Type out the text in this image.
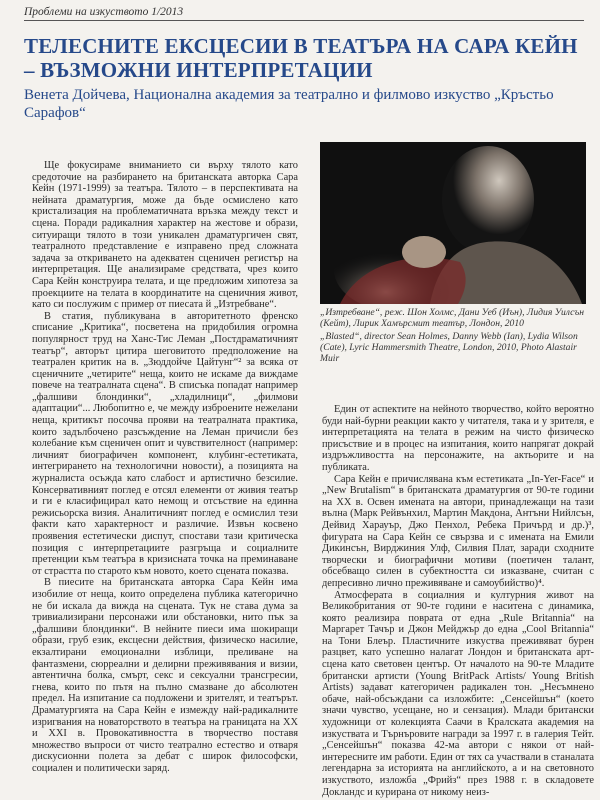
Проблеми на изкуството 1/2013
ТЕЛЕСНИТЕ ЕКСЦЕСИИ В ТЕАТЪРА НА САРА КЕЙН – ВЪЗМОЖНИ ИНТЕРПРЕТАЦИИ

Венета Дойчева, Национална академия за театрално и филмово изкуство „Кръстьо Сарафов“

Ще фокусираме вниманието си върху тялото като средоточие на разбирането на британската авторка Сара Кейн (1971-1999) за театъра. Тялото – в перспективата на нейната драматургия, може да бъде осмислено като кристализация на проблематичната връзка между текст и сцена. Поради радикалния характер на жестове и образи, ситуиращи тялото в този уникален драматургичен свят, театралното представление е изправено пред сложната задача за откриването на адекватен сценичен регистър на интерпретация. Ще анализираме средствата, чрез които Сара Кейн конструира телата, и ще предложим хипотеза за проекциите на телата в координатите на сценичния живот, като си послужим с пример от пиесата й „Изтребване“.

В статия, публикувана в авторитетното френско списание „Критика“, посветена на придобилия огромна популярност труд на Ханс-Тис Леман „Постдраматичният театър“, авторът цитира шеговитото предположение на театрален критик на в. „Зюддойче Цайтунг“² за всяка от сценичните „четирите“ неща, които не искаме да виждаме повече на театралната сцена“. В списъка попадат например „фалшиви блондинки“, „хладилници“, „филмови адаптации“... Любопитно е, че между изброените нежелани неща, критикът посочва прояви на театралната практика, които задълбочено разсъждение на Леман причисли без колебание към сценичен опит и чувствителност (например: личният биографичен компонент, клубинг-естетиката, интегрирането на технологични новости), а позицията на журналиста осъжда като слабост и артистично безсилие. Консервативният поглед е отсял елементи от живия театър и ги е класифицирал като немощ и отсъствие на единна режисьорска визия. Аналитичният поглед е осмислил тези факти като характерност и различие. Извън косвено проявения естетически диспут, спостави тази критическа позиция с интерпретациите разгръща и социалните претенции към театъра в кризисната точка на преминаване от страстта по старото към новото, което сцената показва.

В пиесите на британската авторка Сара Кейн има изобилие от неща, които определена публика категорично не би искала да вижда на сцената. Тук не става дума за тривиализирани персонажи или обстановки, нито пък за „фалшиви блондинки“. В нейните пиеси има шокиращи образи, груб език, ексцесни действия, физическо насилие, екзалтирани емоционални изблици, преливане на фантазмени, сюрреални и делирни преживявания и визии, автентична болка, смърт, секс и сексуални трансгресии, гнева, които по пътя на пълно смазване до абсолютен предел. На изпитание са подложени и зрителят, и театърът. Драматургията на Сара Кейн е измежду най-радикалните изригвания на новаторството в театъра на границата на XX и XXI в. Провокативността в творчество поставя множество въпроси от чисто театрално естество и отваря дискусионни полета за дебат с широк философски, социален и политически заряд.

„Изтребване“, реж. Шон Холмс, Дани Уеб (Иън), Лидия Уилсън (Кейт), Лирик Хамърсмит театър, Лондон, 2010

„Blasted“, director Sean Holmes, Danny Webb (Ian), Lydia Wilson (Cate), Lyric Hammersmith Theatre, London, 2010, Photo Alastair Muir

Един от аспектите на нейното творчество, който вероятно буди най-бурни реакции както у читателя, така и у зрителя, е интерпретацията на телата в режим на чисто физическо присъствие и в процес на изпитания, които напрягат докрай издръжливостта на персонажите, на актьорите и на публиката.

Сара Кейн е причислявана към естетиката „In-Yer-Face“ и „New Brutalism“ в британската драматургия от 90-те години на XX в. Освен имената на автори, принадлежащи на тази вълна (Марк Рейвънхил, Мартин Макдона, Антъни Нийлсън, Дейвид Харауър, Джо Пенхол, Ребека Причърд и др.)³, фигурата на Сара Кейн се свързва и с имената на Емили Дикинсън, Вирджиния Улф, Силвия Плат, заради сходните творчески и биографични мотиви (поетичен талант, обсебващо силен в субектността си изказване, считан с депресивно лично преживяване и самоубийство)⁴.

Атмосферата в социалния и културния живот на Великобритания от 90-те години е наситена с динамика, която реализира поврата от една „Rule Britannia“ на Маргарет Тачър и Джон Мейджър до една „Cool Britannia“ на Тони Блеър. Пластичните изкуства преживяват бурен разцвет, като успешно налагат Лондон и британската арт-сцена като световен център. От началото на 90-те Младите британски артисти (Young BritPack Artists/ Young British Artists) задават категоричен радикален тон. „Несъмнено обаче, най-обсъждани са изложбите: „Сенсейшън“ (което значи чувство, усещане, но и сензация). Млади британски художници от колекцията Саачи в Кралската академия на изкуствата и Търнъровите награди за 1997 г. в галерия Тейт. „Сенсейшън“ показва 42-ма автори с някои от най-интересните им работи. Един от тях са участвали в станалата легендарна за историята на английското, а и на световното изкуството, изложба „Фрийз“ през 1988 г. в складовете Докландс и курирана от никому неиз-
